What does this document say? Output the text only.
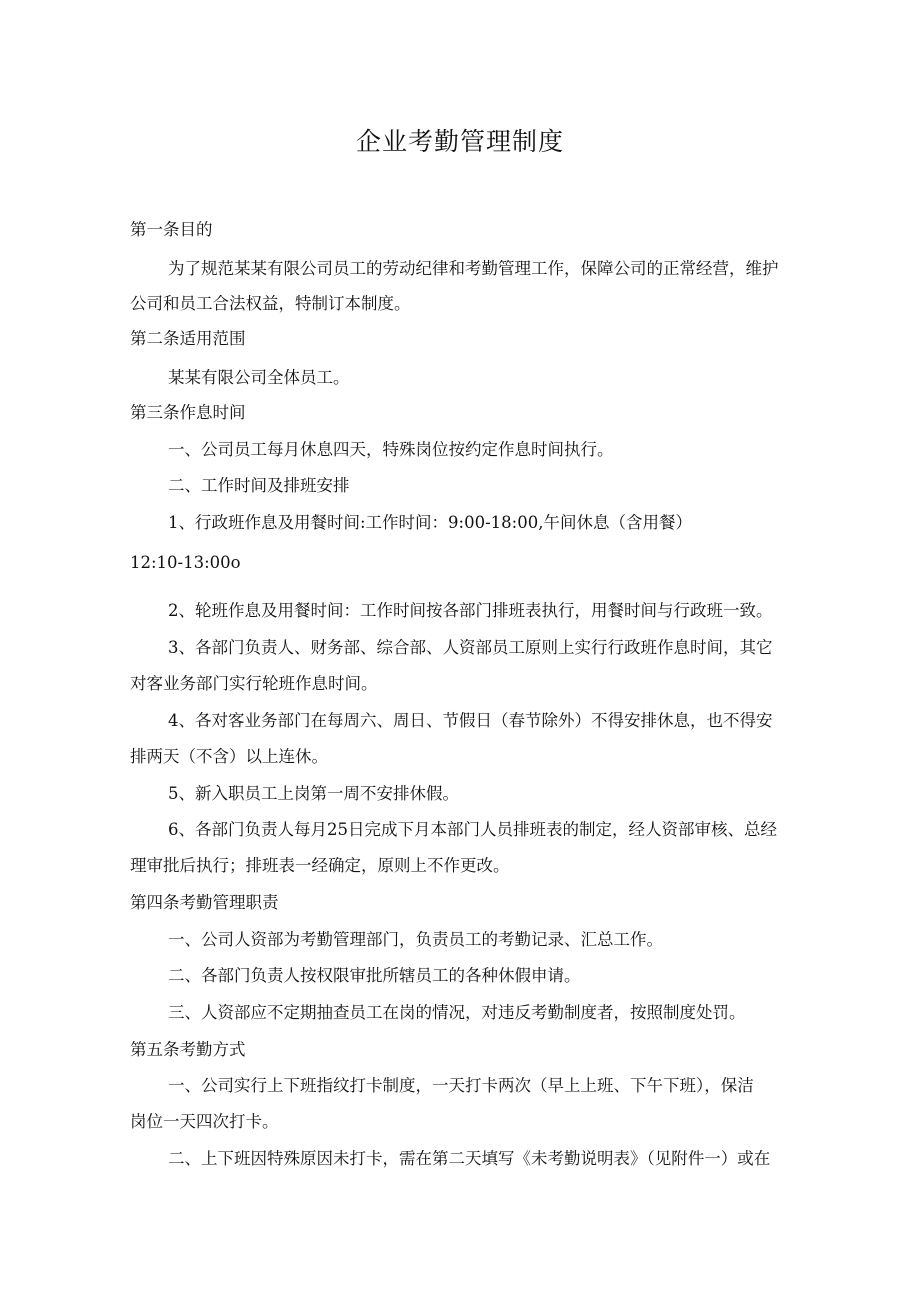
企业考勤管理制度
第一条目的
为了规范某某有限公司员工的劳动纪律和考勤管理工作，保障公司的正常经营，维护
公司和员工合法权益，特制订本制度。
第二条适用范围
某某有限公司全体员工。
第三条作息时间
一、公司员工每月休息四天，特殊岗位按约定作息时间执行。
二、工作时间及排班安排
1、行政班作息及用餐时间:工作时间：9:00-18:00,午间休息（含用餐）
12:10-13:00o
2、轮班作息及用餐时间：工作时间按各部门排班表执行，用餐时间与行政班一致。
3、各部门负责人、财务部、综合部、人资部员工原则上实行行政班作息时间，其它
对客业务部门实行轮班作息时间。
4、各对客业务部门在每周六、周日、节假日（春节除外）不得安排休息，也不得安
排两天（不含）以上连休。
5、新入职员工上岗第一周不安排休假。
6、各部门负责人每月25日完成下月本部门人员排班表的制定，经人资部审核、总经
理审批后执行；排班表一经确定，原则上不作更改。
第四条考勤管理职责
一、公司人资部为考勤管理部门，负责员工的考勤记录、汇总工作。
二、各部门负责人按权限审批所辖员工的各种休假申请。
三、人资部应不定期抽查员工在岗的情况，对违反考勤制度者，按照制度处罚。
第五条考勤方式
一、公司实行上下班指纹打卡制度，一天打卡两次（早上上班、下午下班），保洁
岗位一天四次打卡。
二、上下班因特殊原因未打卡，需在第二天填写《未考勤说明表》（见附件一）或在
